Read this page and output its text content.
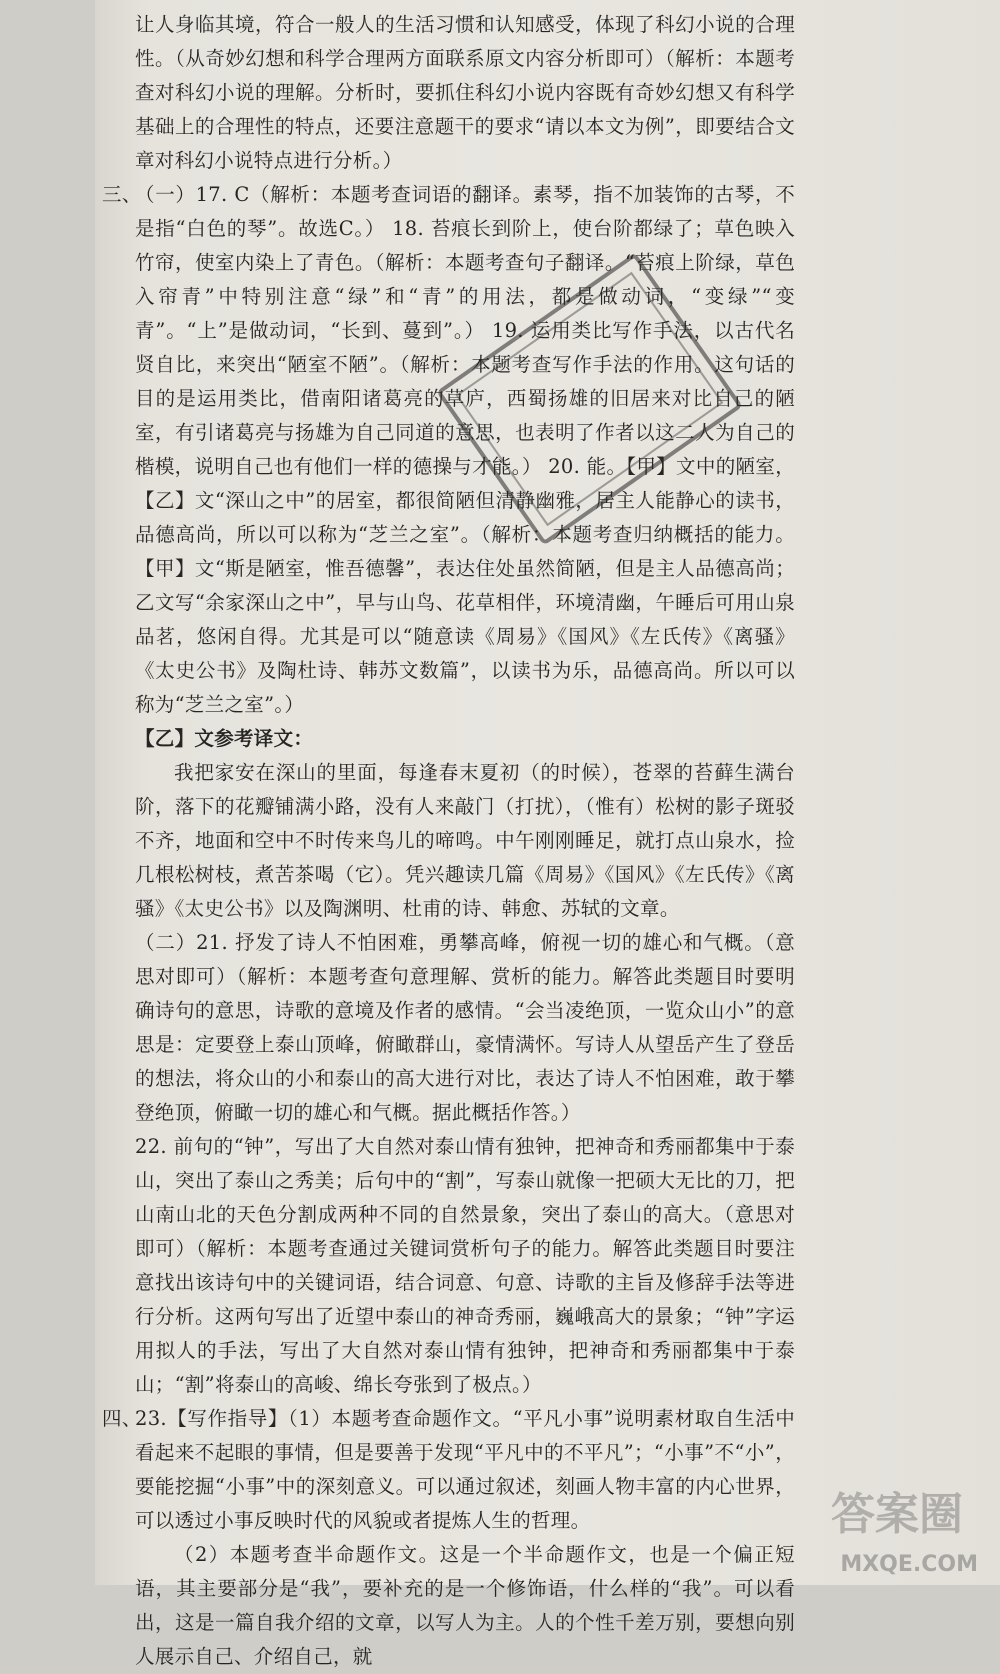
让人身临其境，符合一般人的生活习惯和认知感受，体现了科幻小说的合理性。（从奇妙幻想和科学合理两方面联系原文内容分析即可）（解析：本题考查对科幻小说的理解。分析时，要抓住科幻小说内容既有奇妙幻想又有科学基础上的合理性的特点，还要注意题干的要求“请以本文为例”，即要结合文章对科幻小说特点进行分析。）

三、
（一）17. C（解析：本题考查词语的翻译。素琴，指不加装饰的古琴，不是指“白色的琴”。故选C。） 18. 苔痕长到阶上，使台阶都绿了；草色映入竹帘，使室内染上了青色。（解析：本题考查句子翻译。“苔痕上阶绿，草色入帘青”中特别注意“绿”和“青”的用法，都是做动词，“变绿”“变青”。“上”是做动词，“长到、蔓到”。） 19. 运用类比写作手法，以古代名贤自比，来突出“陋室不陋”。（解析：本题考查写作手法的作用。这句话的目的是运用类比，借南阳诸葛亮的草庐，西蜀扬雄的旧居来对比自己的陋室，有引诸葛亮与扬雄为自己同道的意思，也表明了作者以这二人为自己的楷模，说明自己也有他们一样的德操与才能。） 20. 能。【甲】文中的陋室，【乙】文“深山之中”的居室，都很简陋但清静幽雅，居主人能静心的读书，品德高尚，所以可以称为“芝兰之室”。（解析：本题考查归纳概括的能力。【甲】文“斯是陋室，惟吾德馨”，表达住处虽然简陋，但是主人品德高尚；乙文写“余家深山之中”，早与山鸟、花草相伴，环境清幽，午睡后可用山泉品茗，悠闲自得。尤其是可以“随意读《周易》《国风》《左氏传》《离骚》《太史公书》及陶杜诗、韩苏文数篇”，以读书为乐，品德高尚。所以可以称为“芝兰之室”。）

【乙】文参考译文：

我把家安在深山的里面，每逢春末夏初（的时候），苍翠的苔藓生满台阶，落下的花瓣铺满小路，没有人来敲门（打扰），（惟有）松树的影子斑驳不齐，地面和空中不时传来鸟儿的啼鸣。中午刚刚睡足，就打点山泉水，捡几根松树枝，煮苦茶喝（它）。凭兴趣读几篇《周易》《国风》《左氏传》《离骚》《太史公书》以及陶渊明、杜甫的诗、韩愈、苏轼的文章。

（二）21. 抒发了诗人不怕困难，勇攀高峰，俯视一切的雄心和气概。（意思对即可）（解析：本题考查句意理解、赏析的能力。解答此类题目时要明确诗句的意思，诗歌的意境及作者的感情。“会当凌绝顶，一览众山小”的意思是：定要登上泰山顶峰，俯瞰群山，豪情满怀。写诗人从望岳产生了登岳的想法，将众山的小和泰山的高大进行对比，表达了诗人不怕困难，敢于攀登绝顶，俯瞰一切的雄心和气概。据此概括作答。）

22. 前句的“钟”，写出了大自然对泰山情有独钟，把神奇和秀丽都集中于泰山，突出了泰山之秀美；后句中的“割”，写泰山就像一把硕大无比的刀，把山南山北的天色分割成两种不同的自然景象，突出了泰山的高大。（意思对即可）（解析：本题考查通过关键词赏析句子的能力。解答此类题目时要注意找出该诗句中的关键词语，结合词意、句意、诗歌的主旨及修辞手法等进行分析。这两句写出了近望中泰山的神奇秀丽，巍峨高大的景象；“钟”字运用拟人的手法，写出了大自然对泰山情有独钟，把神奇和秀丽都集中于泰山；“割”将泰山的高峻、绵长夸张到了极点。）

四、
23.【写作指导】（1）本题考查命题作文。“平凡小事”说明素材取自生活中看起来不起眼的事情，但是要善于发现“平凡中的不平凡”；“小事”不“小”，要能挖掘“小事”中的深刻意义。可以通过叙述，刻画人物丰富的内心世界，可以透过小事反映时代的风貌或者提炼人生的哲理。

（2）本题考查半命题作文。这是一个半命题作文，也是一个偏正短语，其主要部分是“我”，要补充的是一个修饰语，什么样的“我”。可以看出，这是一篇自我介绍的文章，以写人为主。人的个性千差万别，要想向别人展示自己、介绍自己，就

答案圈
MXQE.COM
